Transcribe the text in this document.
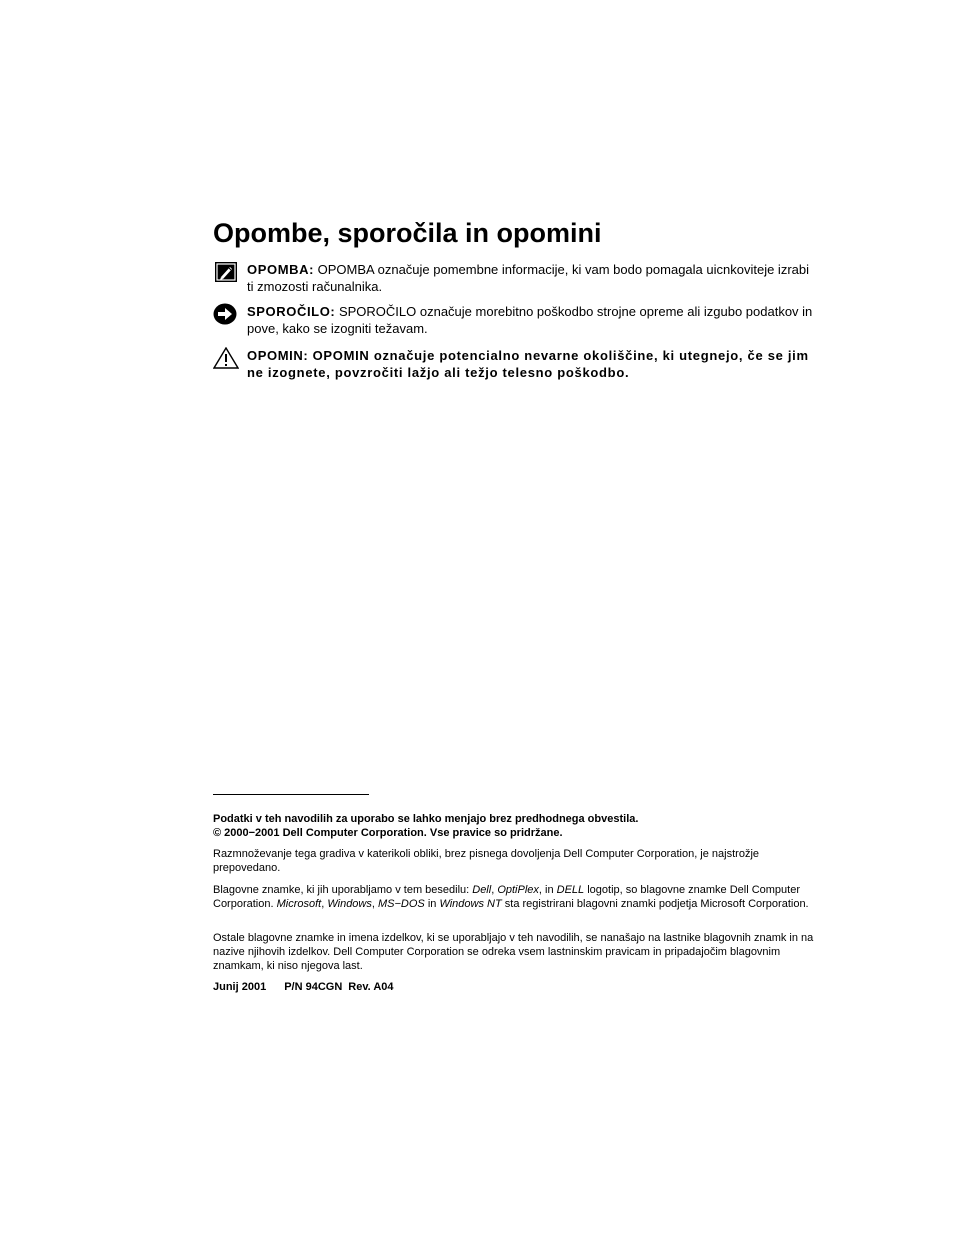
Opombe, sporočila in opomini
OPOMBA: OPOMBA označuje pomembne informacije, ki vam bodo pomagala uicnkoviteje izrabi ti zmozosti računalnika.
SPOROČILO: SPOROČILO označuje morebitno poškodbo strojne opreme ali izgubo podatkov in pove, kako se izogniti težavam.
OPOMIN: OPOMIN označuje potencialno nevarne okoliščine, ki utegnejo, če se jim ne izognete, povzročiti lažjo ali težjo telesno poškodbo.
Podatki v teh navodilih za uporabo se lahko menjajo brez predhodnega obvestila.
© 2000−2001 Dell Computer Corporation. Vse pravice so pridržane.

Razmnoževanje tega gradiva v katerikoli obliki, brez pisnega dovoljenja Dell Computer Corporation, je najstrožje prepovedano.

Blagovne znamke, ki jih uporabljamo v tem besedilu: Dell, OptiPlex, in DELL logotip, so blagovne znamke Dell Computer Corporation. Microsoft, Windows, MS−DOS in Windows NT sta registrirani blagovni znamki podjetja Microsoft Corporation.

Ostale blagovne znamke in imena izdelkov, ki se uporabljajo v teh navodilih, se nanašajo na lastnike blagovnih znamk in na nazive njihovih izdelkov. Dell Computer Corporation se odreka vsem lastninskim pravicam in pripadajočim blagovnim znamkam, ki niso njegova last.

Junij 2001 P/N 94CGN Rev. A04
